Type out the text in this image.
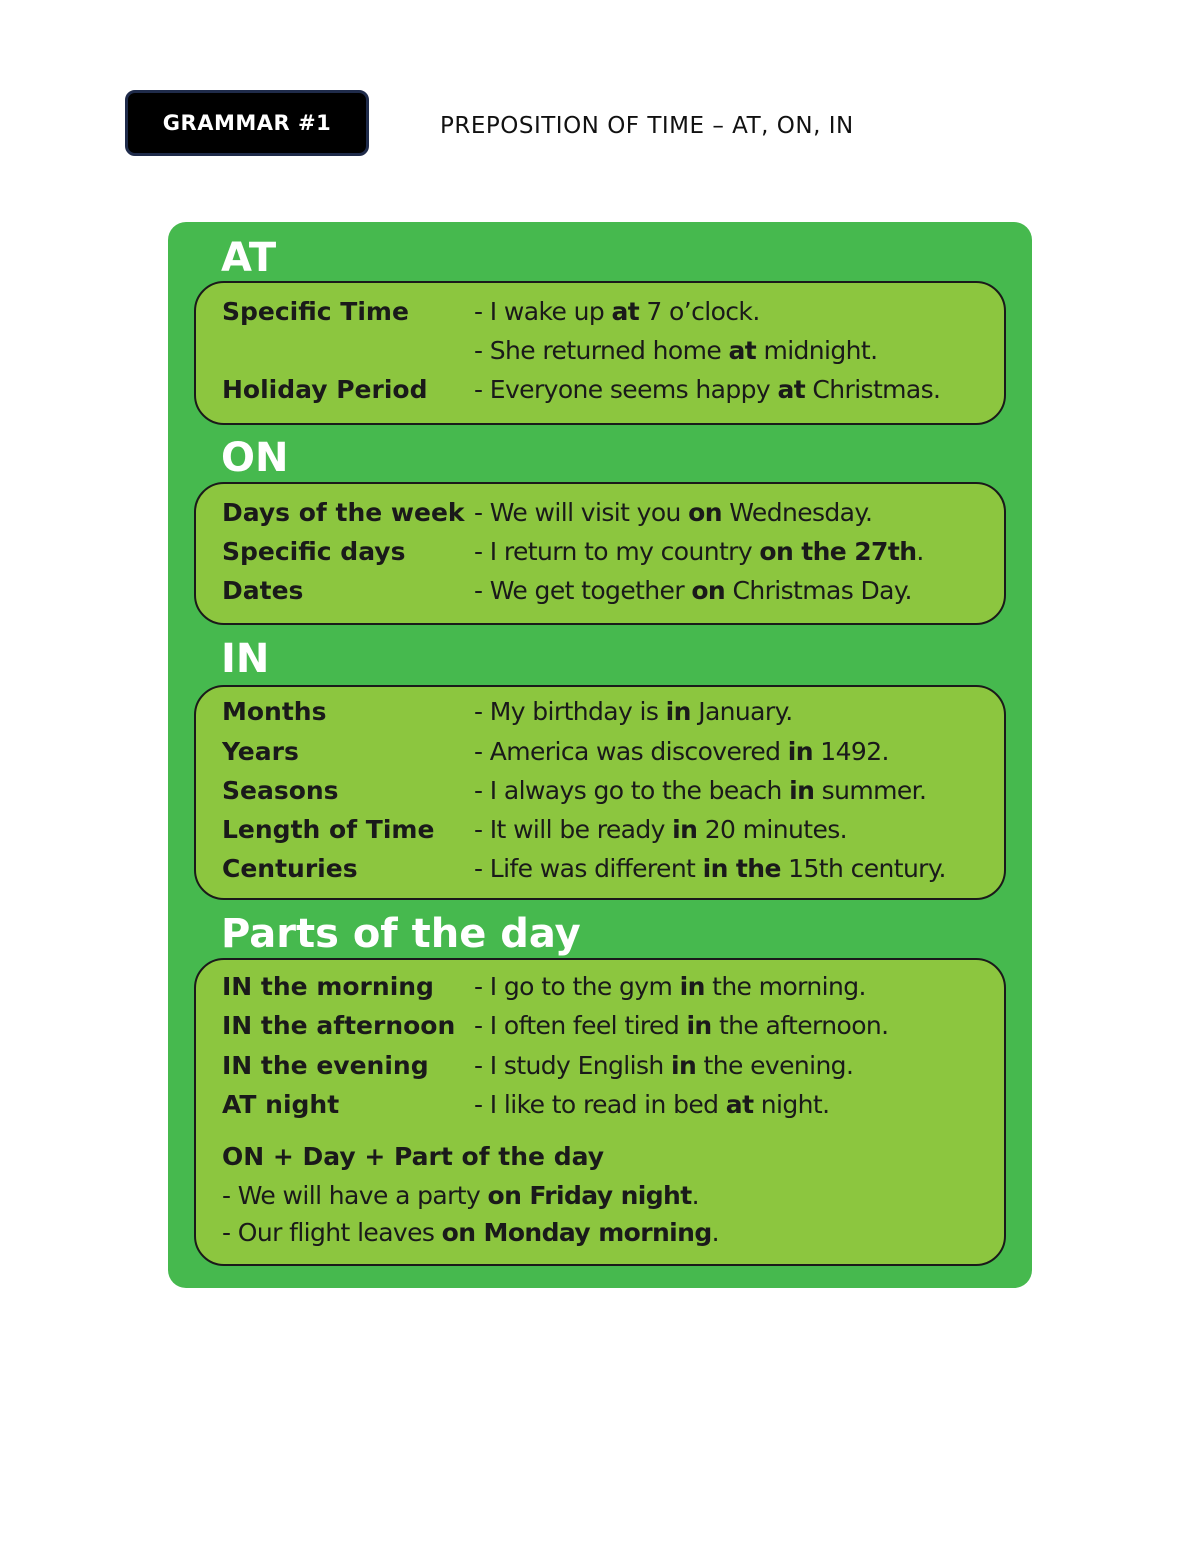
GRAMMAR #1	PREPOSITION OF TIME – AT, ON, IN
AT
Specific Time	- I wake up at 7 o’clock.
- She returned home at midnight.
Holiday Period - Everyone seems happy at Christmas.
ON
Days of the week - We will visit you on Wednesday.
Specific days	- I return to my country on the 27th.
Dates	- We get together on Christmas Day.
IN
Months	- My birthday is in January.
Years	- America was discovered in 1492.
Seasons	- I always go to the beach in summer.
Length of Time - It will be ready in 20 minutes.
Centuries	- Life was different in the 15th century.
Parts of the day
IN the morning - I go to the gym in the morning.
IN the afternoon - I often feel tired in the afternoon.
IN the evening - I study English in the evening.
AT night	- I like to read in bed at night.
ON + Day + Part of the day
- We will have a party on Friday night.
- Our flight leaves on Monday morning.
